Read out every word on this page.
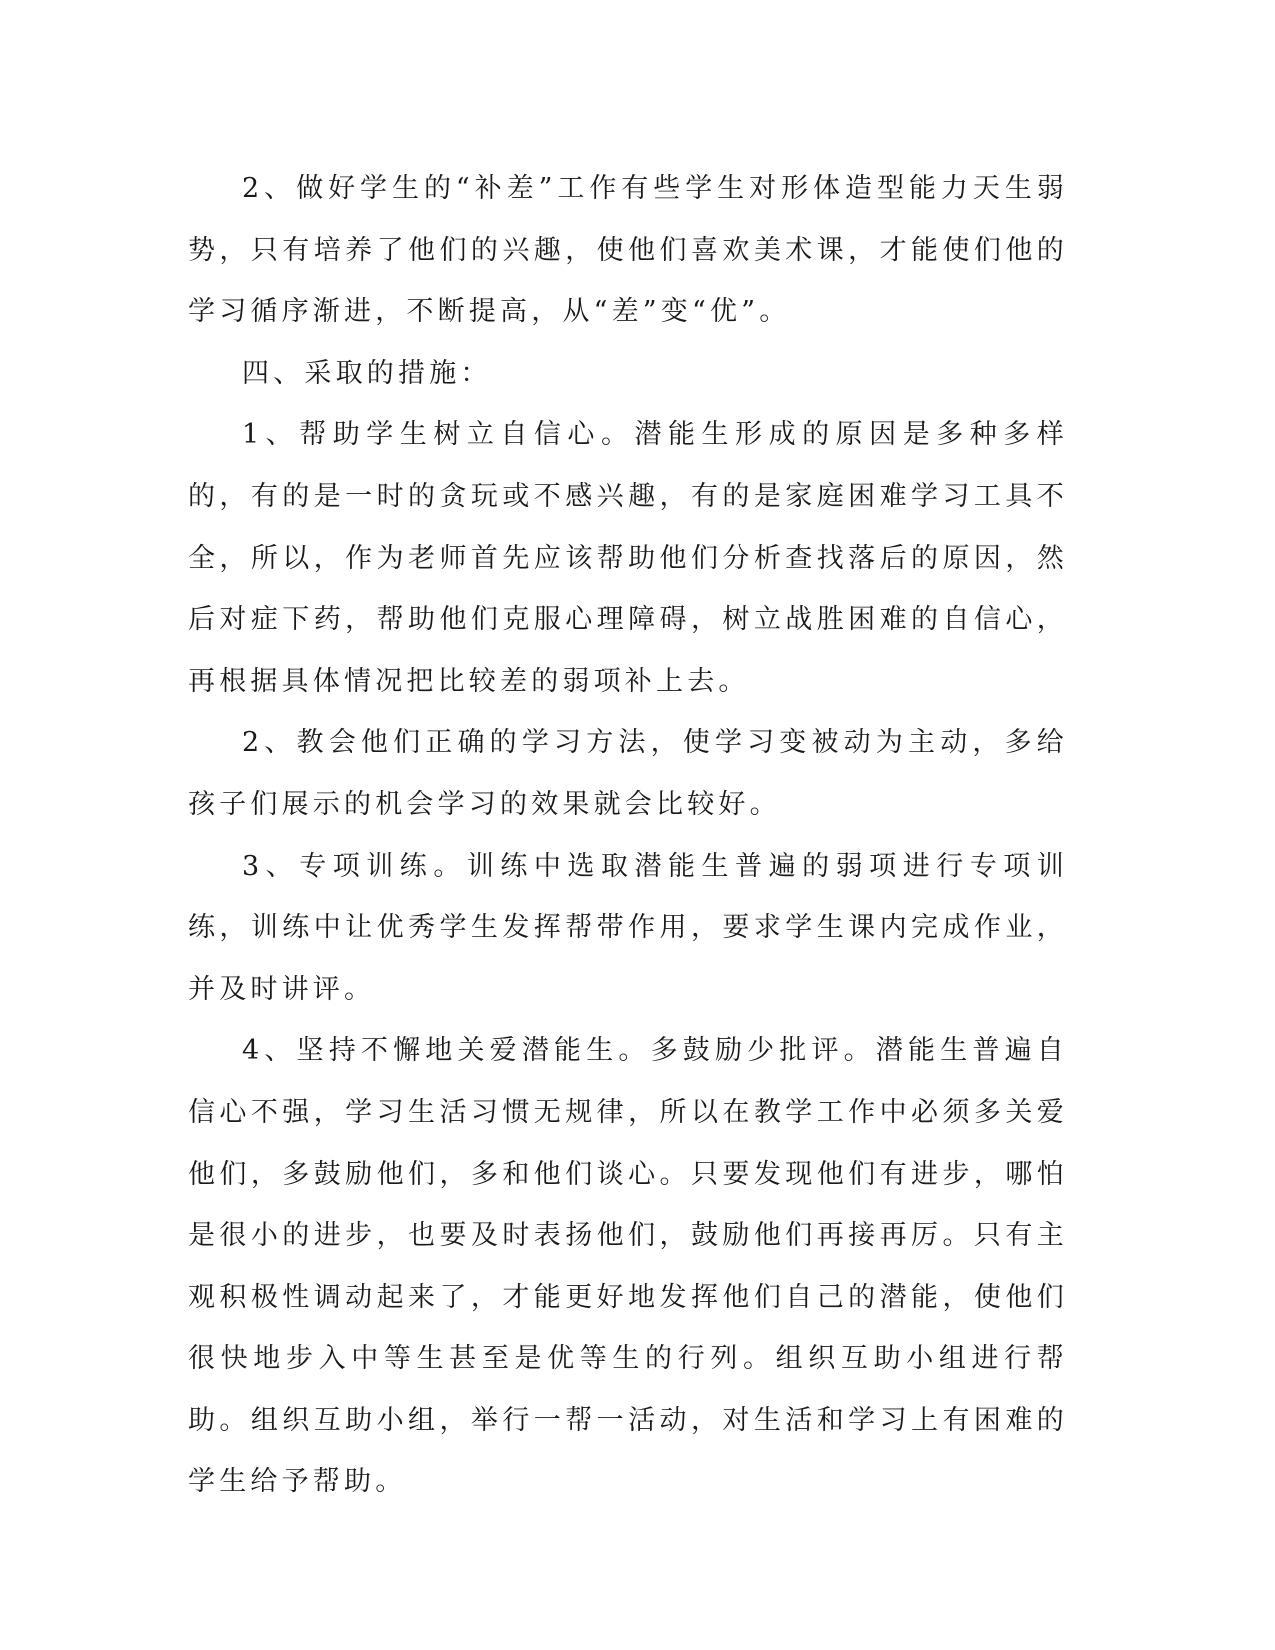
2、做好学生的“补差”工作有些学生对形体造型能力天生弱势，只有培养了他们的兴趣，使他们喜欢美术课，才能使们他的学习循序渐进，不断提高，从“差”变“优”。

四、采取的措施：

1、帮助学生树立自信心。潜能生形成的原因是多种多样的，有的是一时的贪玩或不感兴趣，有的是家庭困难学习工具不全，所以，作为老师首先应该帮助他们分析查找落后的原因，然后对症下药，帮助他们克服心理障碍，树立战胜困难的自信心，再根据具体情况把比较差的弱项补上去。

2、教会他们正确的学习方法，使学习变被动为主动，多给孩子们展示的机会学习的效果就会比较好。

3、专项训练。训练中选取潜能生普遍的弱项进行专项训练，训练中让优秀学生发挥帮带作用，要求学生课内完成作业，并及时讲评。

4、坚持不懈地关爱潜能生。多鼓励少批评。潜能生普遍自信心不强，学习生活习惯无规律，所以在教学工作中必须多关爱他们，多鼓励他们，多和他们谈心。只要发现他们有进步，哪怕是很小的进步，也要及时表扬他们，鼓励他们再接再厉。只有主观积极性调动起来了，才能更好地发挥他们自己的潜能，使他们很快地步入中等生甚至是优等生的行列。组织互助小组进行帮助。组织互助小组，举行一帮一活动，对生活和学习上有困难的学生给予帮助。
